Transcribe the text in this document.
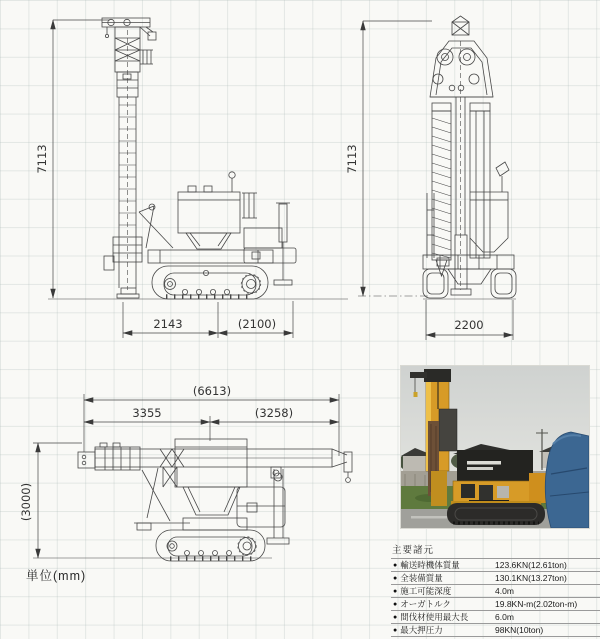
7113
2143	(2100)
7113
2200
(6613)
3355	(3258)
(3000)
単位(mm)
主要諸元
● 輸送時機体質量	123.6KN(12.61ton)
● 全装備質量	130.1KN(13.27ton)
● 施工可能深度	4.0m
● オーガトルク	19.8KN-m(2.02ton-m)
● 間伐材使用最大長	6.0m
● 最大押圧力	98KN(10ton)
